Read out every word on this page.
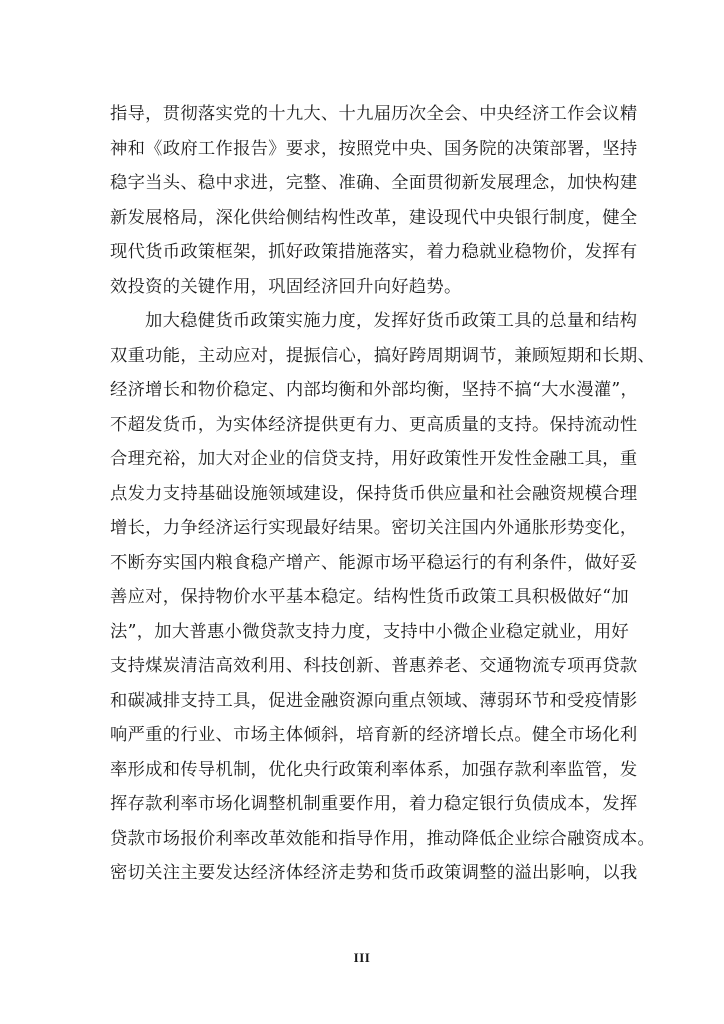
指导，贯彻落实党的十九大、十九届历次全会、中央经济工作会议精
神和《政府工作报告》要求，按照党中央、国务院的决策部署，坚持
稳字当头、稳中求进，完整、准确、全面贯彻新发展理念，加快构建
新发展格局，深化供给侧结构性改革，建设现代中央银行制度，健全
现代货币政策框架，抓好政策措施落实，着力稳就业稳物价，发挥有
效投资的关键作用，巩固经济回升向好趋势。
加大稳健货币政策实施力度，发挥好货币政策工具的总量和结构
双重功能，主动应对，提振信心，搞好跨周期调节，兼顾短期和长期、
经济增长和物价稳定、内部均衡和外部均衡，坚持不搞“大水漫灌”，
不超发货币，为实体经济提供更有力、更高质量的支持。保持流动性
合理充裕，加大对企业的信贷支持，用好政策性开发性金融工具，重
点发力支持基础设施领域建设，保持货币供应量和社会融资规模合理
增长，力争经济运行实现最好结果。密切关注国内外通胀形势变化，
不断夯实国内粮食稳产增产、能源市场平稳运行的有利条件，做好妥
善应对，保持物价水平基本稳定。结构性货币政策工具积极做好“加
法”，加大普惠小微贷款支持力度，支持中小微企业稳定就业，用好
支持煤炭清洁高效利用、科技创新、普惠养老、交通物流专项再贷款
和碳减排支持工具，促进金融资源向重点领域、薄弱环节和受疫情影
响严重的行业、市场主体倾斜，培育新的经济增长点。健全市场化利
率形成和传导机制，优化央行政策利率体系，加强存款利率监管，发
挥存款利率市场化调整机制重要作用，着力稳定银行负债成本，发挥
贷款市场报价利率改革效能和指导作用，推动降低企业综合融资成本。
密切关注主要发达经济体经济走势和货币政策调整的溢出影响，以我
III
